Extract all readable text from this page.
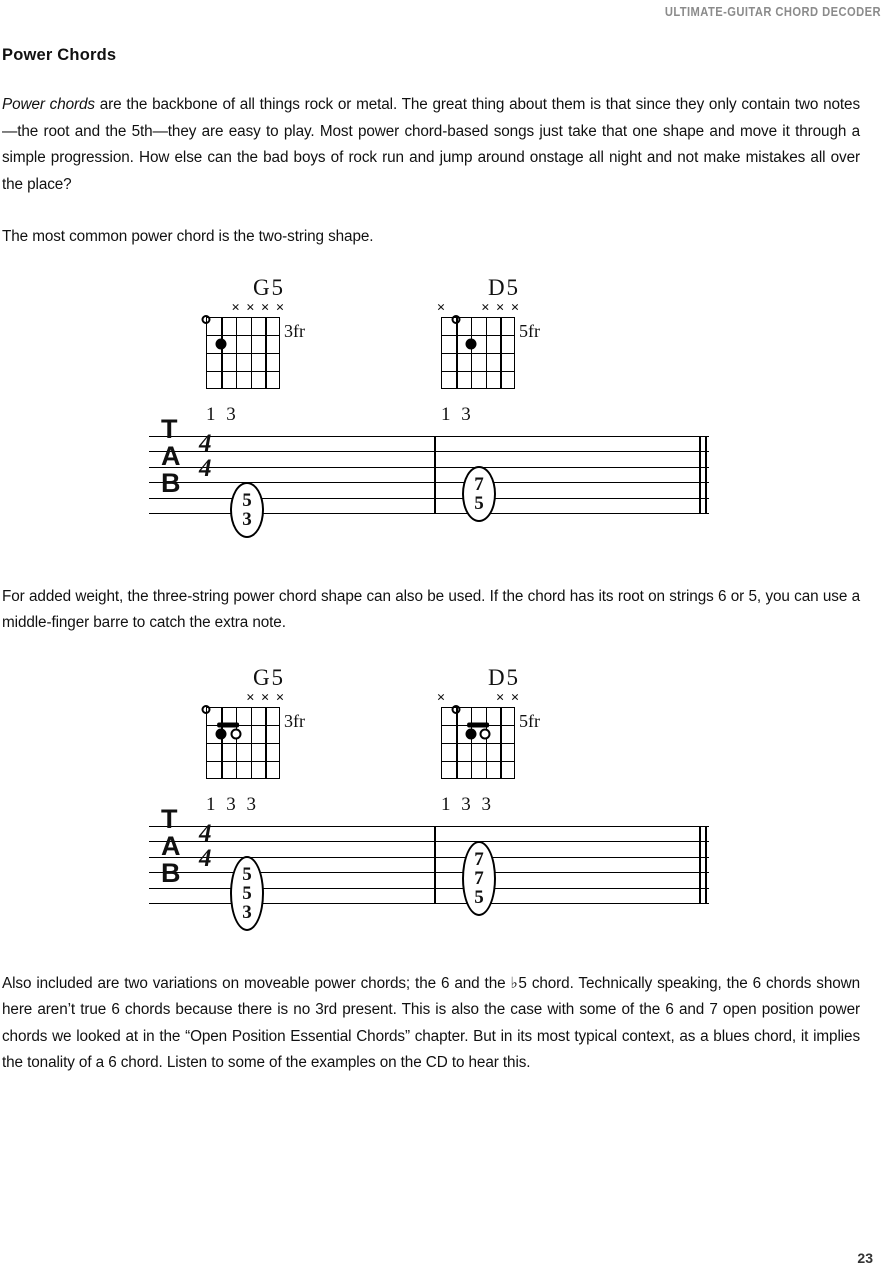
ULTIMATE-GUITAR CHORD DECODER
Power Chords

Power chords are the backbone of all things rock or metal. The great thing about them is that since they only contain two notes—the root and the 5th—they are easy to play. Most power chord-based songs just take that one shape and move it through a simple progression. How else can the bad boys of rock run and jump around onstage all night and not make mistakes all over the place?

The most common power chord is the two-string shape.

G5
× × × ×
3fr
1 3
D5
× × × ×
5fr
1 3
T
A
B
4
4
5
3
7
5

For added weight, the three-string power chord shape can also be used. If the chord has its root on strings 6 or 5, you can use a middle-finger barre to catch the extra note.

G5
× × ×
3fr
1 3 3
D5
×	× ×
5fr
1 3 3
T
A
B
4
4
5
5
3
7
7
5

Also included are two variations on moveable power chords; the 6 and the ♭5 chord. Technically speaking, the 6 chords shown here aren’t true 6 chords because there is no 3rd present. This is also the case with some of the 6 and 7 open position power chords we looked at in the “Open Position Essential Chords” chapter. But in its most typical context, as a blues chord, it implies the tonality of a 6 chord. Listen to some of the examples on the CD to hear this.

23
